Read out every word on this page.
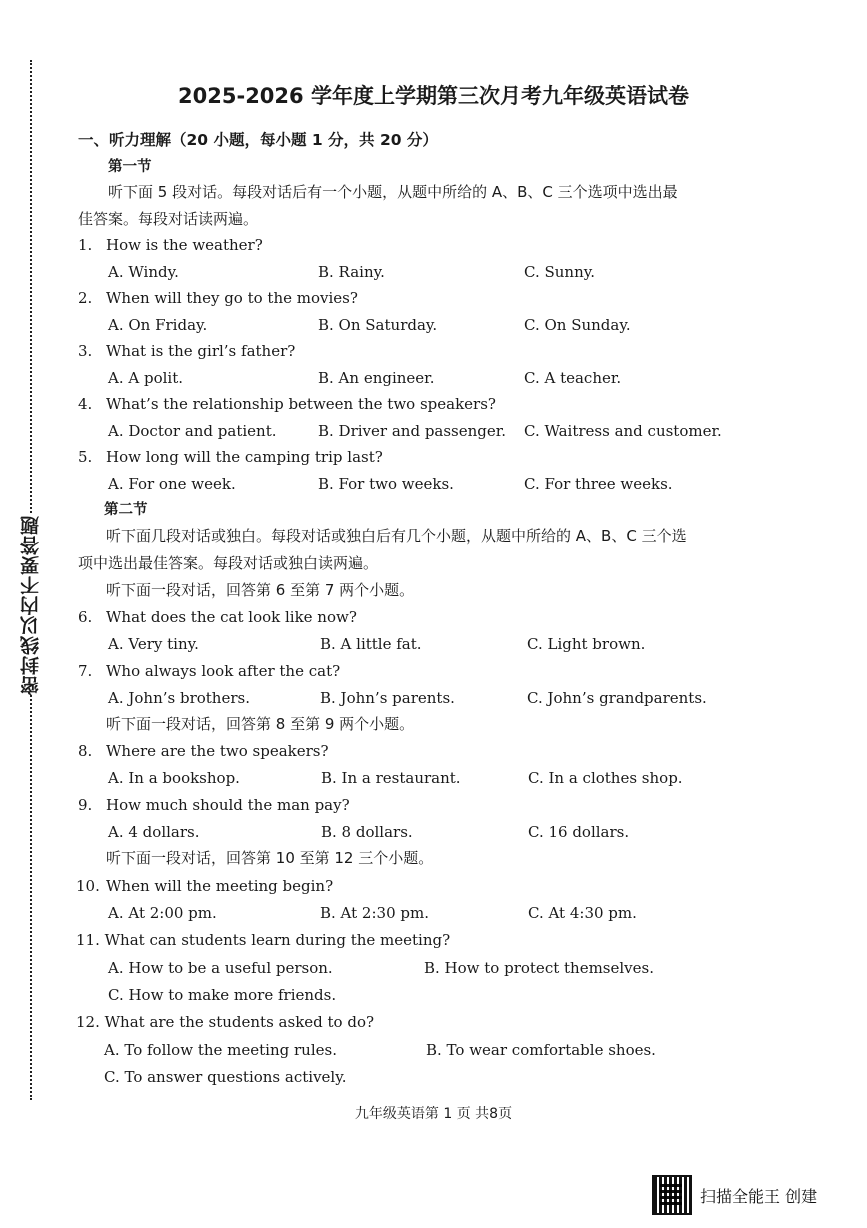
密封线以内不要答题
2025-2026 学年度上学期第三次月考九年级英语试卷
一、听力理解（20 小题，每小题 1 分，共 20 分）
第一节
听下面 5 段对话。每段对话后有一个小题，从题中所给的 A、B、C 三个选项中选出最
佳答案。每段对话读两遍。
1. How is the weather?
A. Windy.	B. Rainy.	C. Sunny.
2. When will they go to the movies?
A. On Friday.	B. On Saturday.	C. On Sunday.
3. What is the girl’s father?
A. A polit.	B. An engineer.	C. A teacher.
4. What’s the relationship between the two speakers?
A. Doctor and patient.	B. Driver and passenger. C. Waitress and customer.
5. How long will the camping trip last?
A. For one week.	B. For two weeks.	C. For three weeks.
第二节
听下面几段对话或独白。每段对话或独白后有几个小题，从题中所给的 A、B、C 三个选
项中选出最佳答案。每段对话或独白读两遍。
听下面一段对话，回答第 6 至第 7 两个小题。
6. What does the cat look like now?
A. Very tiny.	B. A little fat.	C. Light brown.
7. Who always look after the cat?
A. John’s brothers.	B. John’s parents.	C. John’s grandparents.
听下面一段对话，回答第 8 至第 9 两个小题。
8. Where are the two speakers?
A. In a bookshop.	B. In a restaurant.	C. In a clothes shop.
9. How much should the man pay?
A. 4 dollars.	B. 8 dollars.	C. 16 dollars.
听下面一段对话，回答第 10 至第 12 三个小题。
10. When will the meeting begin?
A. At 2:00 pm.	B. At 2:30 pm.	C. At 4:30 pm.
11. What can students learn during the meeting?
A. How to be a useful person.	B. How to protect themselves.
C. How to make more friends.
12. What are the students asked to do?
A. To follow the meeting rules.	B. To wear comfortable shoes.
C. To answer questions actively.
九年级英语第 1 页 共8页
扫描全能王 创建
